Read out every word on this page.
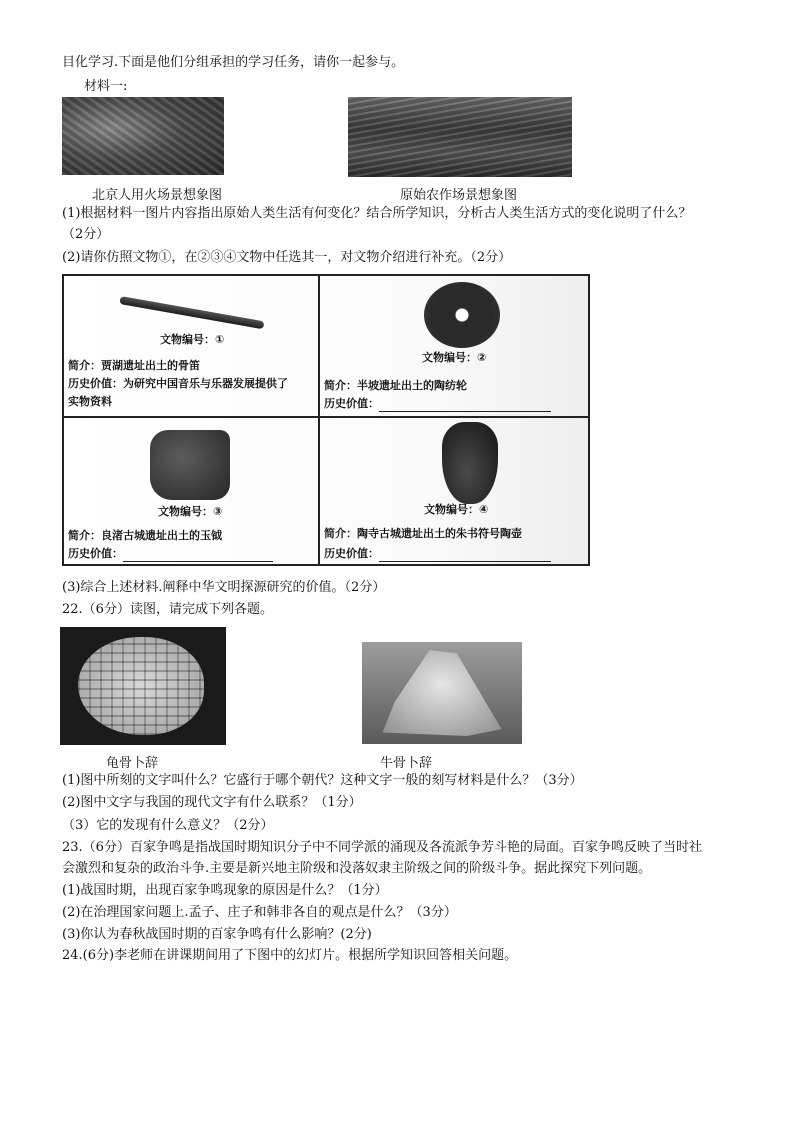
目化学习.下面是他们分组承担的学习任务，请你一起参与。
材料一:
北京人用火场景想象图	原始农作场景想象图
(1)根据材料一图片内容指出原始人类生活有何变化？结合所学知识，分析古人类生活方式的变化说明了什么？
（2分）
(2)请你仿照文物①，在②③④文物中任选其一，对文物介绍进行补充。（2分）
文物编号：①
简介：贾湖遗址出土的骨笛
历史价值：为研究中国音乐与乐器发展提供了
实物资料
文物编号：②
简介：半坡遗址出土的陶纺轮
历史价值：
文物编号：③
简介：良渚古城遗址出土的玉钺
历史价值：
文物编号：④
简介：陶寺古城遗址出土的朱书符号陶壶
历史价值：
(3)综合上述材料.阐释中华文明探源研究的价值。（2分）
22.（6分）读图，请完成下列各题。
龟骨卜辞	牛骨卜辞
(1)图中所刻的文字叫什么？它盛行于哪个朝代？这种文字一般的刻写材料是什么？（3分）
(2)图中文字与我国的现代文字有什么联系？（1分）
（3）它的发现有什么意义？（2分）
23.（6分）百家争鸣是指战国时期知识分子中不同学派的涌现及各流派争芳斗艳的局面。百家争鸣反映了当时社
会激烈和复杂的政治斗争.主要是新兴地主阶级和没落奴隶主阶级之间的阶级斗争。据此探究下列问题。
(1)战国时期，出现百家争鸣现象的原因是什么？（1分）
(2)在治理国家问题上.孟子、庄子和韩非各自的观点是什么？（3分）
(3)你认为春秋战国时期的百家争鸣有什么影响？(2分)
24.(6分)李老师在讲课期间用了下图中的幻灯片。根据所学知识回答相关问题。
